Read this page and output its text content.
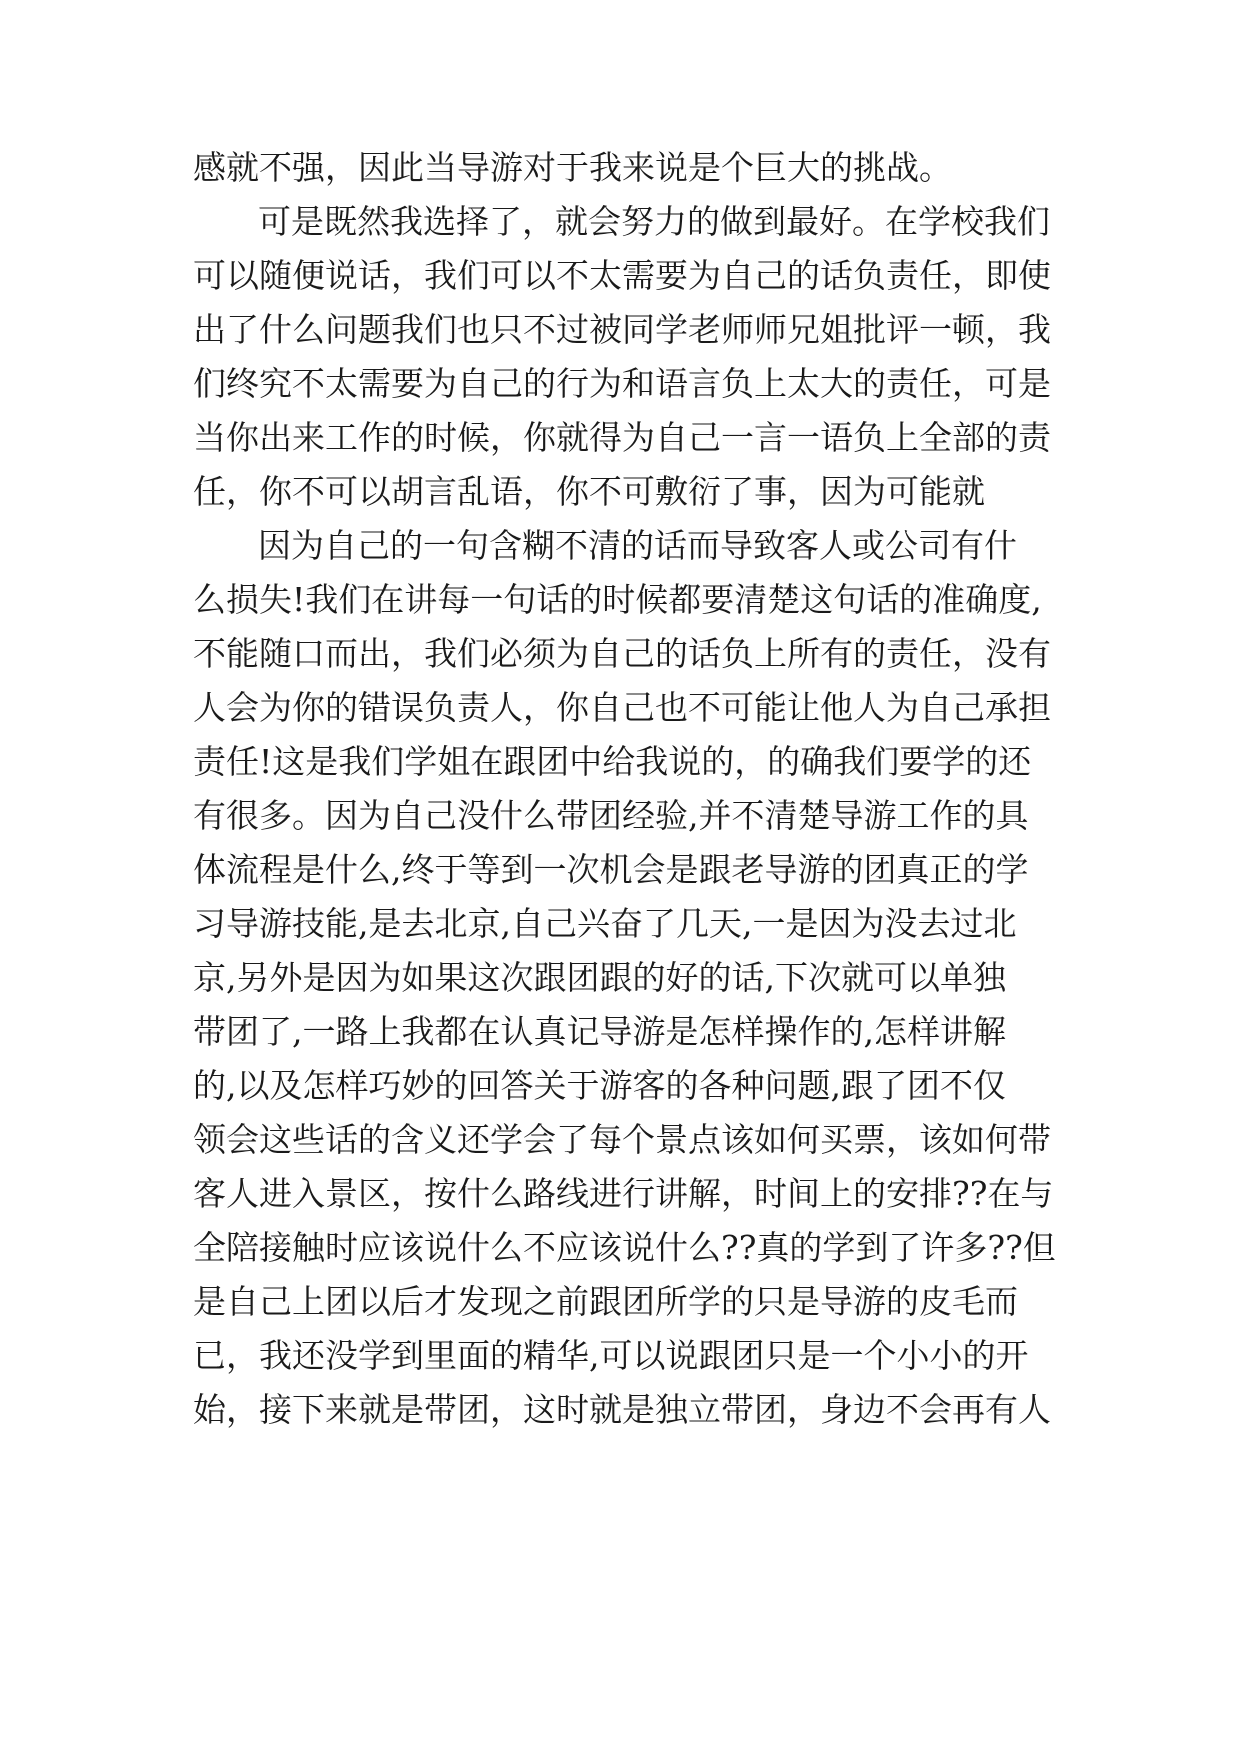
感就不强，因此当导游对于我来说是个巨大的挑战。
可是既然我选择了，就会努力的做到最好。在学校我们
可以随便说话，我们可以不太需要为自己的话负责任，即使
出了什么问题我们也只不过被同学老师师兄姐批评一顿，我
们终究不太需要为自己的行为和语言负上太大的责任，可是
当你出来工作的时候，你就得为自己一言一语负上全部的责
任，你不可以胡言乱语，你不可敷衍了事，因为可能就
因为自己的一句含糊不清的话而导致客人或公司有什
么损失!我们在讲每一句话的时候都要清楚这句话的准确度,
不能随口而出，我们必须为自己的话负上所有的责任，没有
人会为你的错误负责人，你自己也不可能让他人为自己承担
责任!这是我们学姐在跟团中给我说的，的确我们要学的还
有很多。因为自己没什么带团经验,并不清楚导游工作的具
体流程是什么,终于等到一次机会是跟老导游的团真正的学
习导游技能,是去北京,自己兴奋了几天,一是因为没去过北
京,另外是因为如果这次跟团跟的好的话,下次就可以单独
带团了,一路上我都在认真记导游是怎样操作的,怎样讲解
的,以及怎样巧妙的回答关于游客的各种问题,跟了团不仅
领会这些话的含义还学会了每个景点该如何买票，该如何带
客人进入景区，按什么路线进行讲解，时间上的安排??在与
全陪接触时应该说什么不应该说什么??真的学到了许多??但
是自己上团以后才发现之前跟团所学的只是导游的皮毛而
已，我还没学到里面的精华,可以说跟团只是一个小小的开
始，接下来就是带团，这时就是独立带团，身边不会再有人
